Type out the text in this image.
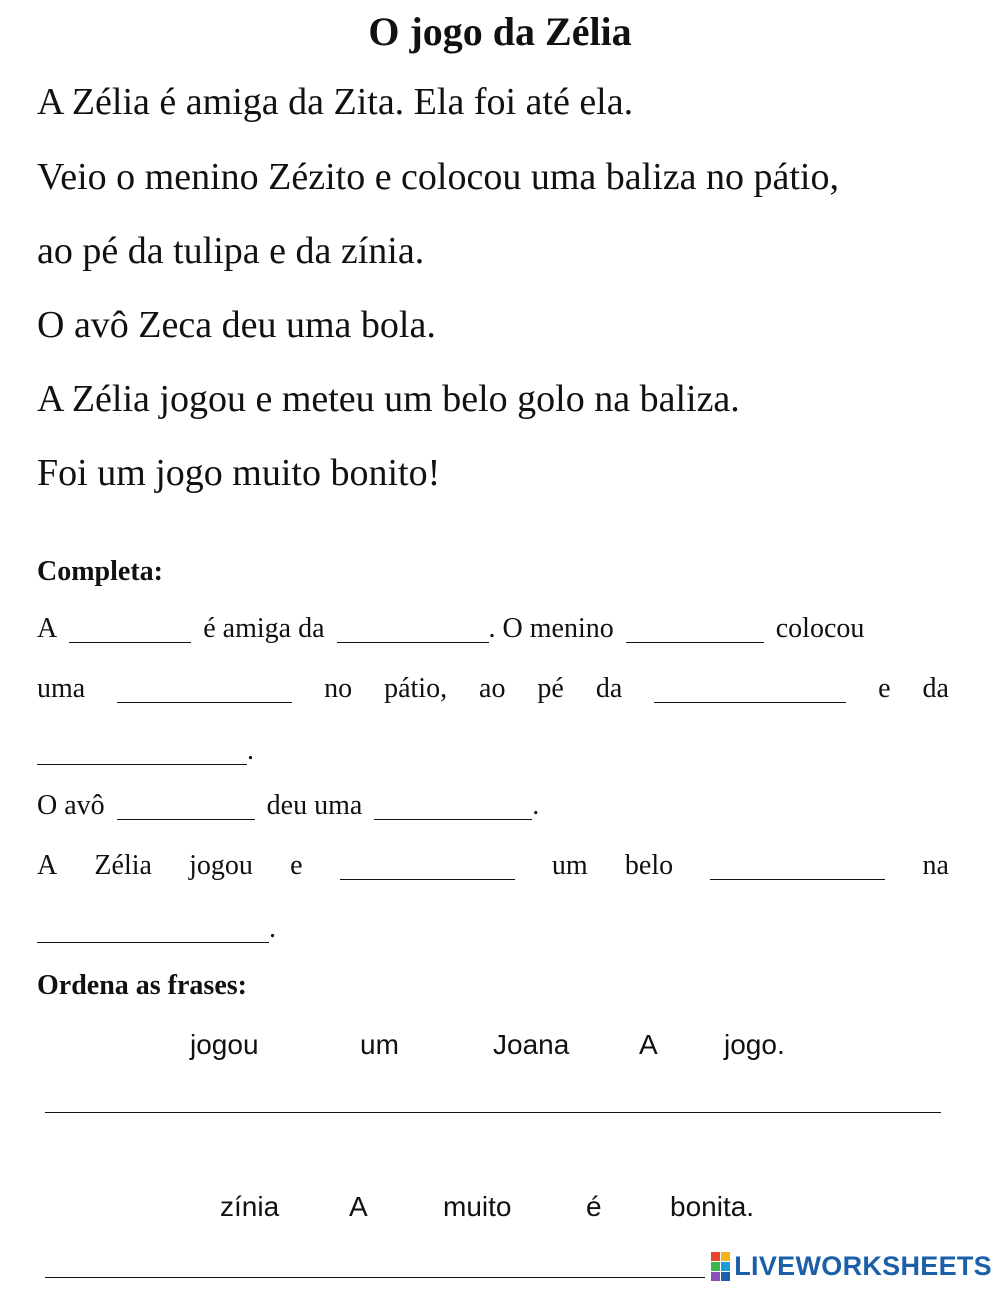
O jogo da Zélia
A Zélia é amiga da Zita. Ela foi até ela.
Veio o menino Zézito e colocou uma baliza no pátio,
ao pé da tulipa e da zínia.
O avô Zeca deu uma bola.
A Zélia jogou e meteu um belo golo na baliza.
Foi um jogo muito bonito!
Completa:
A	é amiga da	. O menino	colocou
uma	no pátio, ao pé da	e da
.
O avô	deu uma	.
A Zélia jogou e	um belo	na
.
Ordena as frases:
jogou	um	Joana A jogo.
zínia A	muito	é bonita.
LIVEWORKSHEETS
